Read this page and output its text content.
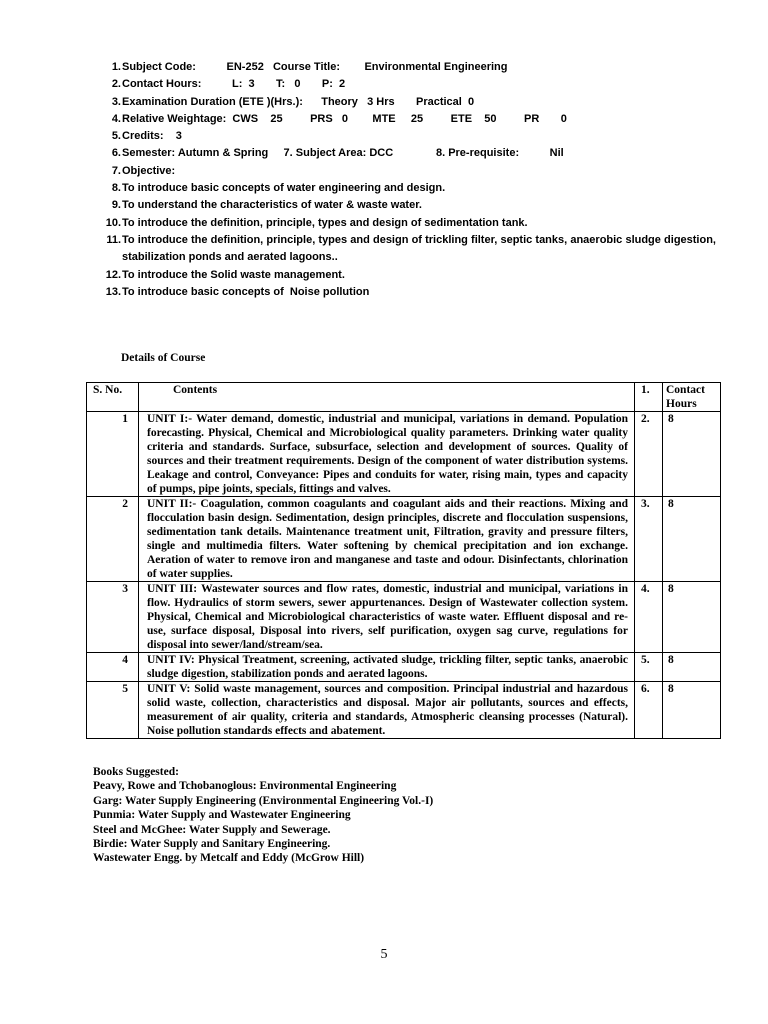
1. Subject Code:          EN-252   Course Title:        Environmental Engineering
2. Contact Hours:          L:  3       T:   0       P:  2
3. Examination Duration (ETE )(Hrs.):      Theory   3 Hrs       Practical  0
4. Relative Weightage:  CWS    25         PRS   0        MTE     25         ETE    50         PR       0
5. Credits:    3
6. Semester: Autumn & Spring     7. Subject Area: DCC              8. Pre-requisite:          Nil
7. Objective:
8. To introduce basic concepts of water engineering and design.
9. To understand the characteristics of water & waste water.
10. To introduce the definition, principle, types and design of sedimentation tank.
11. To introduce the definition, principle, types and design of trickling filter, septic tanks, anaerobic sludge digestion, stabilization ponds and aerated lagoons..
12. To introduce the Solid waste management.
13. To introduce basic concepts of  Noise pollution
Details of Course
S. No.	Contents	1.	Contact Hours
1	UNIT I:- Water demand, domestic, industrial and municipal, variations in demand. Population forecasting. Physical, Chemical and Microbiological quality parameters. Drinking water quality criteria and standards. Surface, subsurface, selection and development of sources. Quality of sources and their treatment requirements. Design of the component of water distribution systems. Leakage and control, Conveyance: Pipes and conduits for water, rising main, types and capacity of pumps, pipe joints, specials, fittings and valves.	2.	8
2	UNIT II:- Coagulation, common coagulants and coagulant aids and their reactions. Mixing and flocculation basin design. Sedimentation, design principles, discrete and flocculation suspensions, sedimentation tank details. Maintenance treatment unit, Filtration, gravity and pressure filters, single and multimedia filters. Water softening by chemical precipitation and ion exchange. Aeration of water to remove iron and manganese and taste and odour. Disinfectants, chlorination of water supplies.	3.	8
3	UNIT III: Wastewater sources and flow rates, domestic, industrial and municipal, variations in flow. Hydraulics of storm sewers, sewer appurtenances. Design of Wastewater collection system. Physical, Chemical and Microbiological characteristics of waste water. Effluent disposal and re-use, surface disposal, Disposal into rivers, self purification, oxygen sag curve, regulations for disposal into sewer/land/stream/sea.	4.	8
4	UNIT IV: Physical Treatment, screening, activated sludge, trickling filter, septic tanks, anaerobic sludge digestion, stabilization ponds and aerated lagoons.	5.	8
5	UNIT V: Solid waste management, sources and composition. Principal industrial and hazardous solid waste, collection, characteristics and disposal. Major air pollutants, sources and effects, measurement of air quality, criteria and standards, Atmospheric cleansing processes (Natural). Noise pollution standards effects and abatement.	6.	8
Books Suggested:
Peavy, Rowe and Tchobanoglous: Environmental Engineering
Garg: Water Supply Engineering (Environmental Engineering Vol.-I)
Punmia: Water Supply and Wastewater Engineering
Steel and McGhee: Water Supply and Sewerage.
Birdie: Water Supply and Sanitary Engineering.
Wastewater Engg. by Metcalf and Eddy (McGrow Hill)
5
